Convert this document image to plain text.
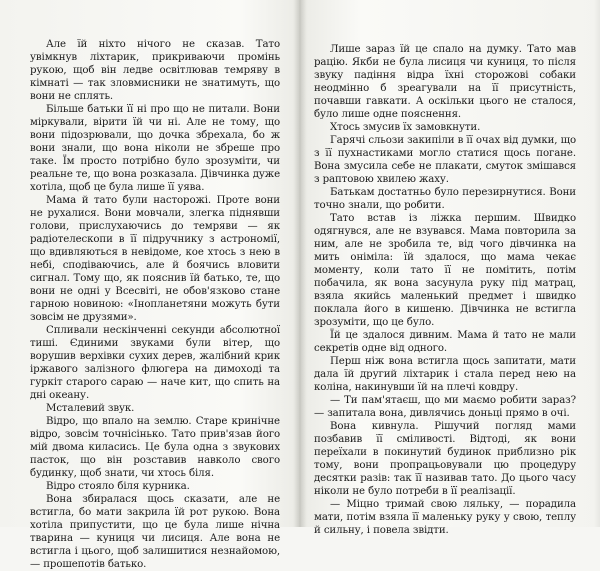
Але їй ніхто нічого не сказав. Тато увімкнув ліхтарик, прикриваючи промінь рукою, щоб він ледве освітлював темряву в кімнаті — так злoвмисники не знатимуть, що вони не сплять.

Більше батьки її ні про що не питали. Вони міркували, вірити їй чи ні. Але не тому, що вони підозрювали, що дочка збрехала, бо ж вони знали, що вона ніколи не збреше про таке. Їм просто потрібно було зрозуміти, чи реальне те, що вона розказала. Дівчинка дуже хотіла, щоб це була лише її уява.

Мама й тато були насторожі. Проте вони не рухалися. Вони мовчали, злегка піднявши голови, прислухаючись до темряви — як радіотелескопи в її підручнику з астрономії, що вдивляються в невідоме, кое хтось з нею в небі, сподіваючись, але й боячись вловити сигнал. Тому що, як пояснив їй батько, те, що вони не одні у Всесвіті, не обов'язково стане гарною новиною: «Інопланетяни можуть бути зовсім не друзями».

Спливали нескінченні секунди абсолютної тиші. Єдиними звуками були вітер, що ворушив верхівки сухих дерев, жалібний крик іржавого залізного флюгера на димоході та гуркіт старого сараю — наче кит, що спить на дні океану.

Мсталевий звук.

Відро, що впало на землю. Старе кринічне відро, зовсім точнісінько. Тато прив'язав його мій двома киласись. Це була одна з звукових пасток, що він розставив навколо свого будинку, щоб знати, чи хтось біля.

Відро стояло біля курника.

Вона збиралася щось сказати, але не встигла, бо мати закрила їй рот рукою. Вона хотіла припустити, що це була лише нічна тварина — куниця чи лисиця. Але вона не встигла і цього, щоб залишитися незнайомою, — прошепотів батько.

Лише зараз їй це спало на думку. Тато мав рацію. Якби не була лисиця чи куниця, то після звуку падіння відра їхні сторожові собаки неодмінно б зреагували на її присутність, почавши гавкати. А оскільки цього не сталося, було лише одне пояснення.

Хтось змусив їх замовкнути.

Гарячі сльози закипіли в її очах від думки, що з її пухнастиками могло статися щось погане. Вона змусила себе не плакати, смуток змішався з раптовою хвилею жаху.

Батькам достатньо було перезирнутися. Вони точно знали, що робити.

Тато встав із ліжка першим. Швидко одягнувся, але не взувався. Мама повторила за ним, але не зробила те, від чого дівчинка на мить оніміла: їй здалося, що мама чекає моменту, коли тато її не помітить, потім побачила, як вона засунула руку під матрац, взяла якийсь маленький предмет і швидко поклала його в кишеню. Дівчинка не встигла зрозуміти, що це було.

Їй це здалося дивним. Мама й тато не мали секретів одне від одного.

Перш ніж вона встигла щось запитати, мати дала їй другий ліхтарик і стала перед нею на коліна, накинувши їй на плечі ковдру.

— Ти пам'ятаєш, що ми маємо робити зараз? — запитала вона, дивлячись доньці прямо в очі.

Вона кивнула. Рішучий погляд мами позбавив її сміливості. Відтоді, як вони переїхали в покинутий будинок приблизно рік тому, вони пропрацьовували цю процедуру десятки разів: так її називав тато. До цього часу ніколи не було потреби в її реалізації.

— Міцно тримай свою ляльку, — порадила мати, потім взяла її маленьку руку у свою, теплу й сильну, і повела звідти.
